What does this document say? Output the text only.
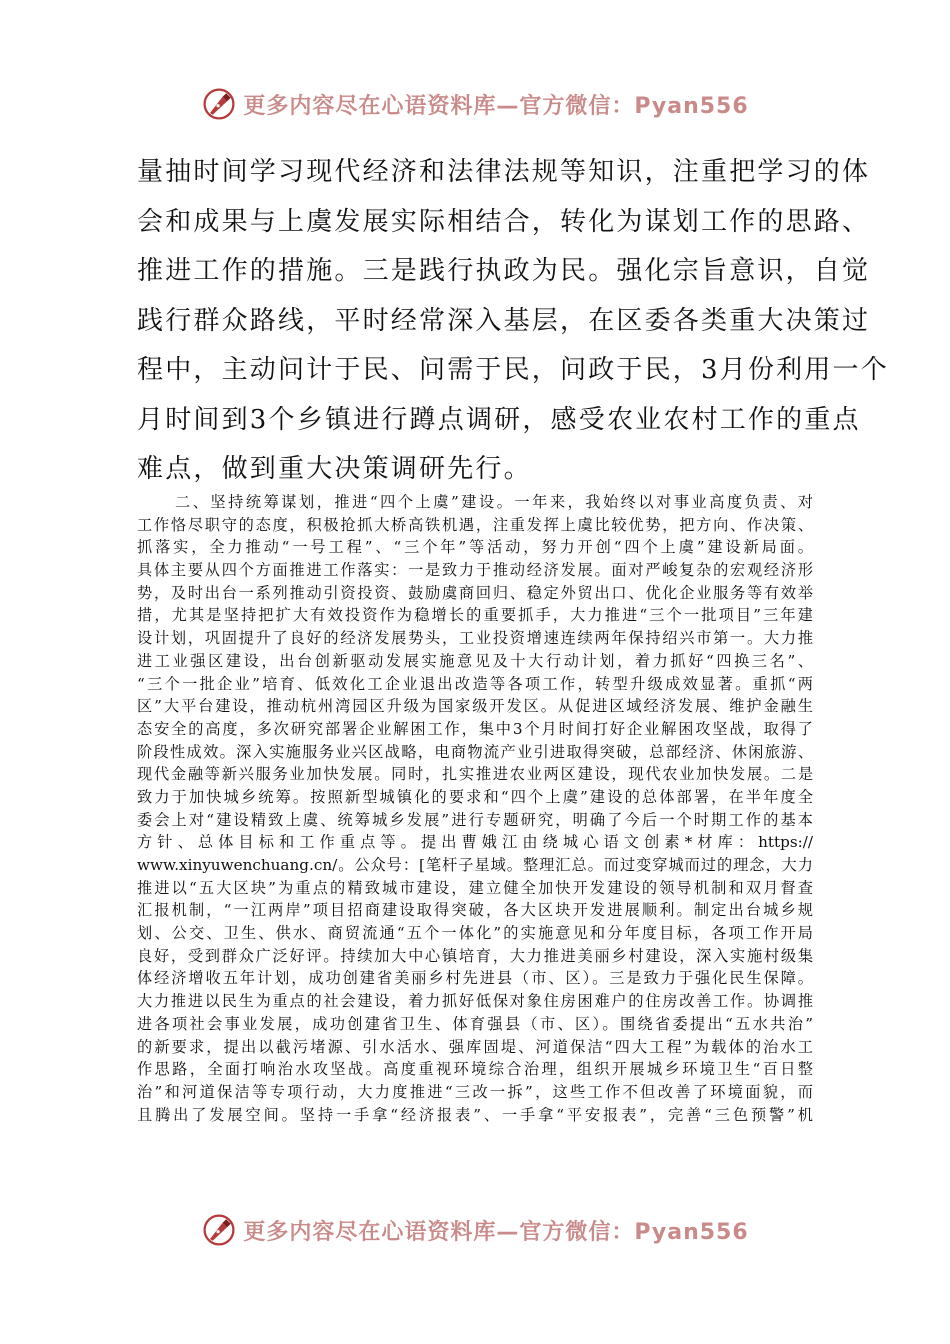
更多内容尽在心语资料库—官方微信：Pyan556
量抽时间学习现代经济和法律法规等知识，注重把学习的体
会和成果与上虞发展实际相结合，转化为谋划工作的思路、
推进工作的措施。三是践行执政为民。强化宗旨意识，自觉
践行群众路线，平时经常深入基层，在区委各类重大决策过
程中，主动问计于民、问需于民，问政于民，3月份利用一个
月时间到3个乡镇进行蹲点调研，感受农业农村工作的重点
难点，做到重大决策调研先行。
二、坚持统筹谋划，推进“四个上虞”建设。一年来，我始终以对事业高度负责、对
工作恪尽职守的态度，积极抢抓大桥高铁机遇，注重发挥上虞比较优势，把方向、作决策、
抓落实，全力推动“一号工程”、“三个年”等活动，努力开创“四个上虞”建设新局面。
具体主要从四个方面推进工作落实：一是致力于推动经济发展。面对严峻复杂的宏观经济形
势，及时出台一系列推动引资投资、鼓励虞商回归、稳定外贸出口、优化企业服务等有效举
措，尤其是坚持把扩大有效投资作为稳增长的重要抓手，大力推进“三个一批项目”三年建
设计划，巩固提升了良好的经济发展势头，工业投资增速连续两年保持绍兴市第一。大力推
进工业强区建设，出台创新驱动发展实施意见及十大行动计划，着力抓好“四换三名”、
“三个一批企业”培育、低效化工企业退出改造等各项工作，转型升级成效显著。重抓“两
区”大平台建设，推动杭州湾园区升级为国家级开发区。从促进区域经济发展、维护金融生
态安全的高度，多次研究部署企业解困工作，集中3个月时间打好企业解困攻坚战，取得了
阶段性成效。深入实施服务业兴区战略，电商物流产业引进取得突破，总部经济、休闲旅游、
现代金融等新兴服务业加快发展。同时，扎实推进农业两区建设，现代农业加快发展。二是
致力于加快城乡统筹。按照新型城镇化的要求和“四个上虞”建设的总体部署，在半年度全
委会上对“建设精致上虞、统筹城乡发展”进行专题研究，明确了今后一个时期工作的基本
方针、总体目标和工作重点等。提出曹娥江由绕城心语文创素*材库：https://
www.xinyuwenchuang.cn/。公众号：[笔杆子星域。整理汇总。而过变穿城而过的理念，大力
推进以“五大区块”为重点的精致城市建设，建立健全加快开发建设的领导机制和双月督查
汇报机制，“一江两岸”项目招商建设取得突破，各大区块开发进展顺利。制定出台城乡规
划、公交、卫生、供水、商贸流通“五个一体化”的实施意见和分年度目标，各项工作开局
良好，受到群众广泛好评。持续加大中心镇培育，大力推进美丽乡村建设，深入实施村级集
体经济增收五年计划，成功创建省美丽乡村先进县（市、区）。三是致力于强化民生保障。
大力推进以民生为重点的社会建设，着力抓好低保对象住房困难户的住房改善工作。协调推
进各项社会事业发展，成功创建省卫生、体育强县（市、区）。围绕省委提出“五水共治”
的新要求，提出以截污堵源、引水活水、强库固堤、河道保洁“四大工程”为载体的治水工
作思路，全面打响治水攻坚战。高度重视环境综合治理，组织开展城乡环境卫生“百日整
治”和河道保洁等专项行动，大力度推进“三改一拆”，这些工作不但改善了环境面貌，而
且腾出了发展空间。坚持一手拿“经济报表”、一手拿“平安报表”，完善“三色预警”机
更多内容尽在心语资料库—官方微信：Pyan556
